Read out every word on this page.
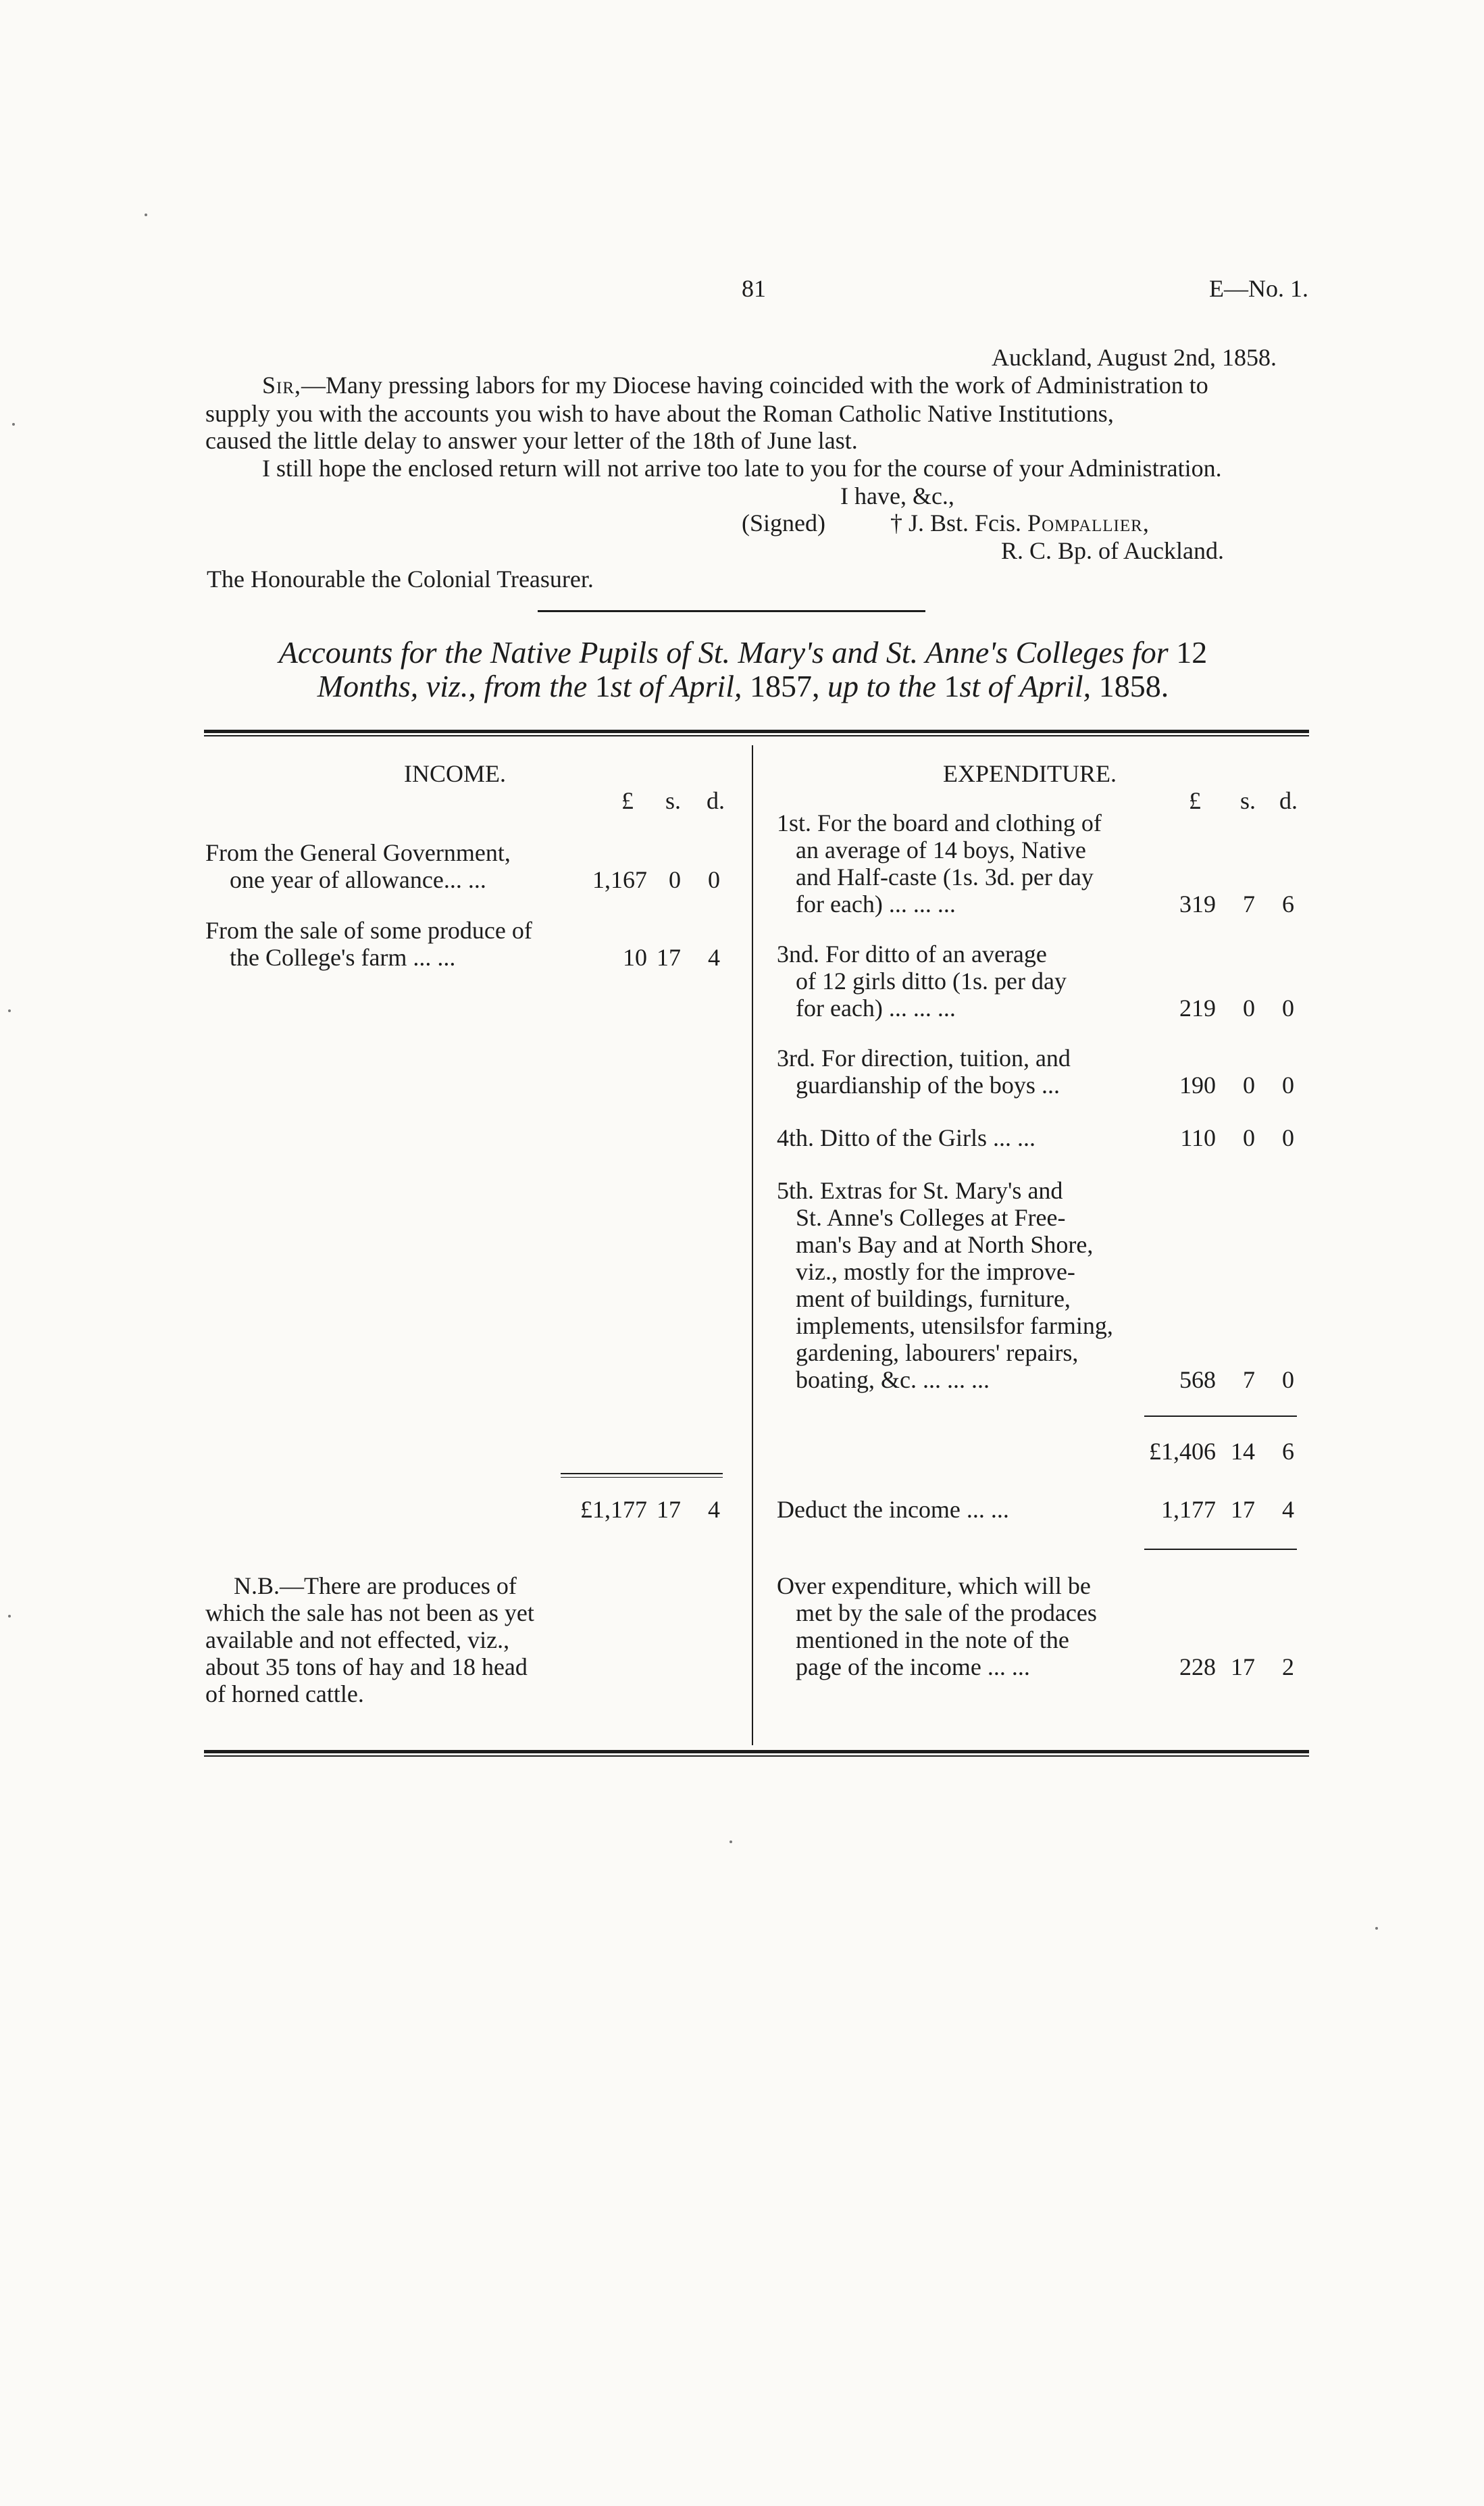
81	E—No. 1.
Auckland, August 2nd, 1858.
Sir,—Many pressing labors for my Diocese having coincided with the work of Administration to
supply you with the accounts you wish to have about the Roman Catholic Native Institutions,
caused the little delay to answer your letter of the 18th of June last.
I still hope the enclosed return will not arrive too late to you for the course of your Administration.
I have, &c.,
(Signed)	† J. Bst. Fcis. Pompallier,
R. C. Bp. of Auckland.
The Honourable the Colonial Treasurer.
Accounts for the Native Pupils of St. Mary's and St. Anne's Colleges for 12
Months, viz., from the 1st of April, 1857, up to the 1st of April, 1858.
INCOME.
£ s. d.
From the General Government,
one year of allowance... ...	1,167 0	0
From the sale of some produce of
the College's farm ... ...	10 17	4
£1,177 17	4
N.B.—There are produces of
which the sale has not been as yet
available and not effected, viz.,
about 35 tons of hay and 18 head
of horned cattle.
EXPENDITURE.
£ s. d.
1st. For the board and clothing of
an average of 14 boys, Native
and Half-caste (1s. 3d. per day
for each) ... ... ...	319	7	6
3nd. For ditto of an average
of 12 girls ditto (1s. per day
for each) ... ... ...	219	0	0
3rd. For direction, tuition, and
guardianship of the boys ...	190	0	0
4th. Ditto of the Girls ... ...	110	0	0
5th. Extras for St. Mary's and
St. Anne's Colleges at Free-
man's Bay and at North Shore,
viz., mostly for the improve-
ment of buildings, furniture,
implements, utensilsfor farming,
gardening, labourers' repairs,
boating, &c. ... ... ...	568	7	0
£1,406 14	6
Deduct the income ... ...	1,177 17	4
Over expenditure, which will be
met by the sale of the prodaces
mentioned in the note of the
page of the income ... ...	228 17	2
